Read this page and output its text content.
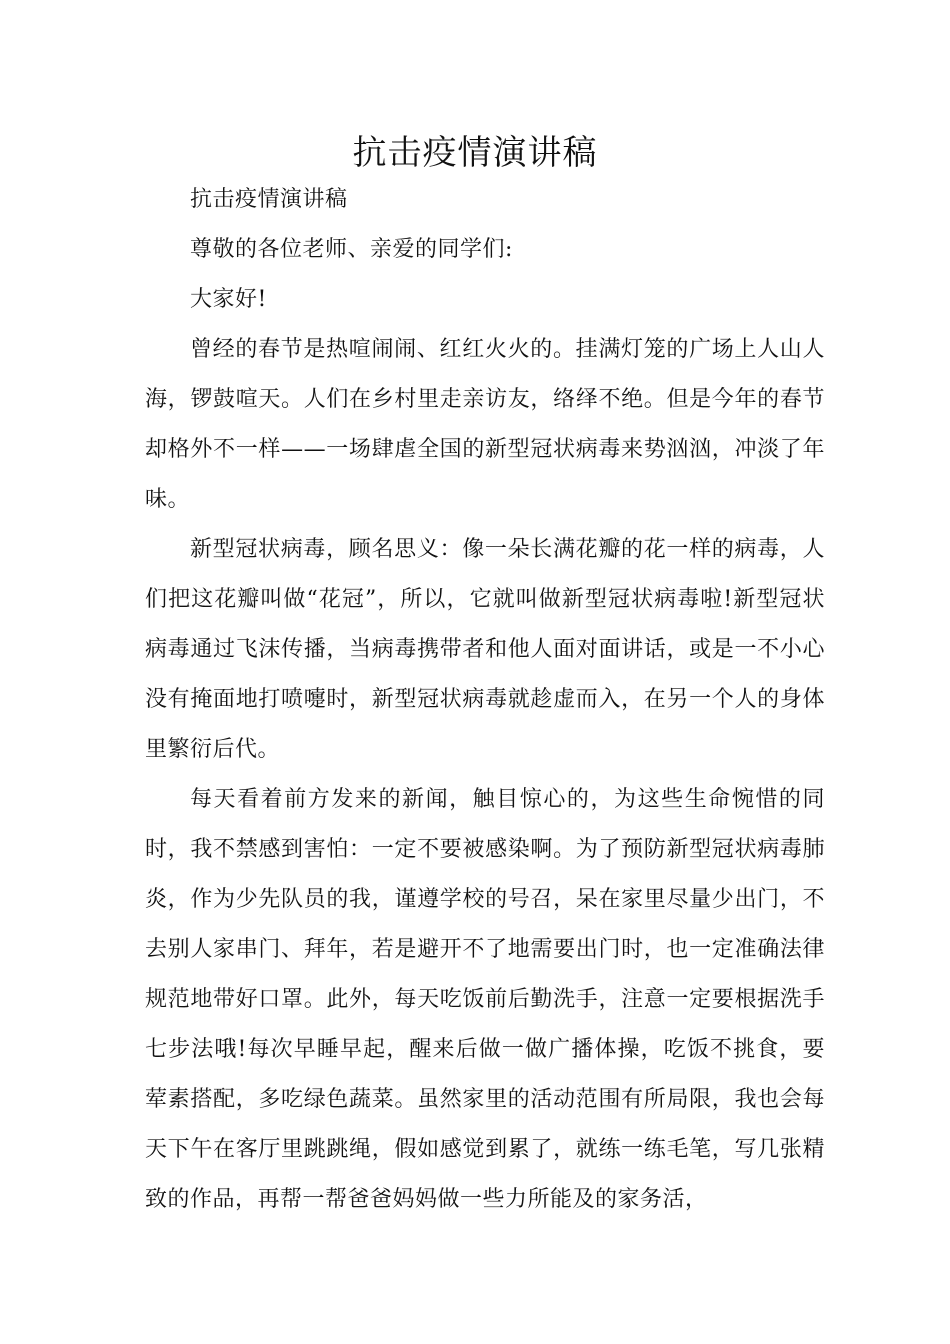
抗击疫情演讲稿

抗击疫情演讲稿

尊敬的各位老师、亲爱的同学们:

大家好!

曾经的春节是热喧闹闹、红红火火的。挂满灯笼的广场上人山人海，锣鼓喧天。人们在乡村里走亲访友，络绎不绝。但是今年的春节却格外不一样——一场肆虐全国的新型冠状病毒来势汹汹，冲淡了年味。

新型冠状病毒，顾名思义：像一朵长满花瓣的花一样的病毒，人们把这花瓣叫做“花冠”，所以，它就叫做新型冠状病毒啦!新型冠状病毒通过飞沫传播，当病毒携带者和他人面对面讲话，或是一不小心没有掩面地打喷嚏时，新型冠状病毒就趁虚而入，在另一个人的身体里繁衍后代。

每天看着前方发来的新闻，触目惊心的，为这些生命惋惜的同时，我不禁感到害怕：一定不要被感染啊。为了预防新型冠状病毒肺炎，作为少先队员的我，谨遵学校的号召，呆在家里尽量少出门，不去别人家串门、拜年，若是避开不了地需要出门时，也一定准确法律规范地带好口罩。此外，每天吃饭前后勤洗手，注意一定要根据洗手七步法哦!每次早睡早起，醒来后做一做广播体操，吃饭不挑食，要荤素搭配，多吃绿色蔬菜。虽然家里的活动范围有所局限，我也会每天下午在客厅里跳跳绳，假如感觉到累了，就练一练毛笔，写几张精致的作品，再帮一帮爸爸妈妈做一些力所能及的家务活，
